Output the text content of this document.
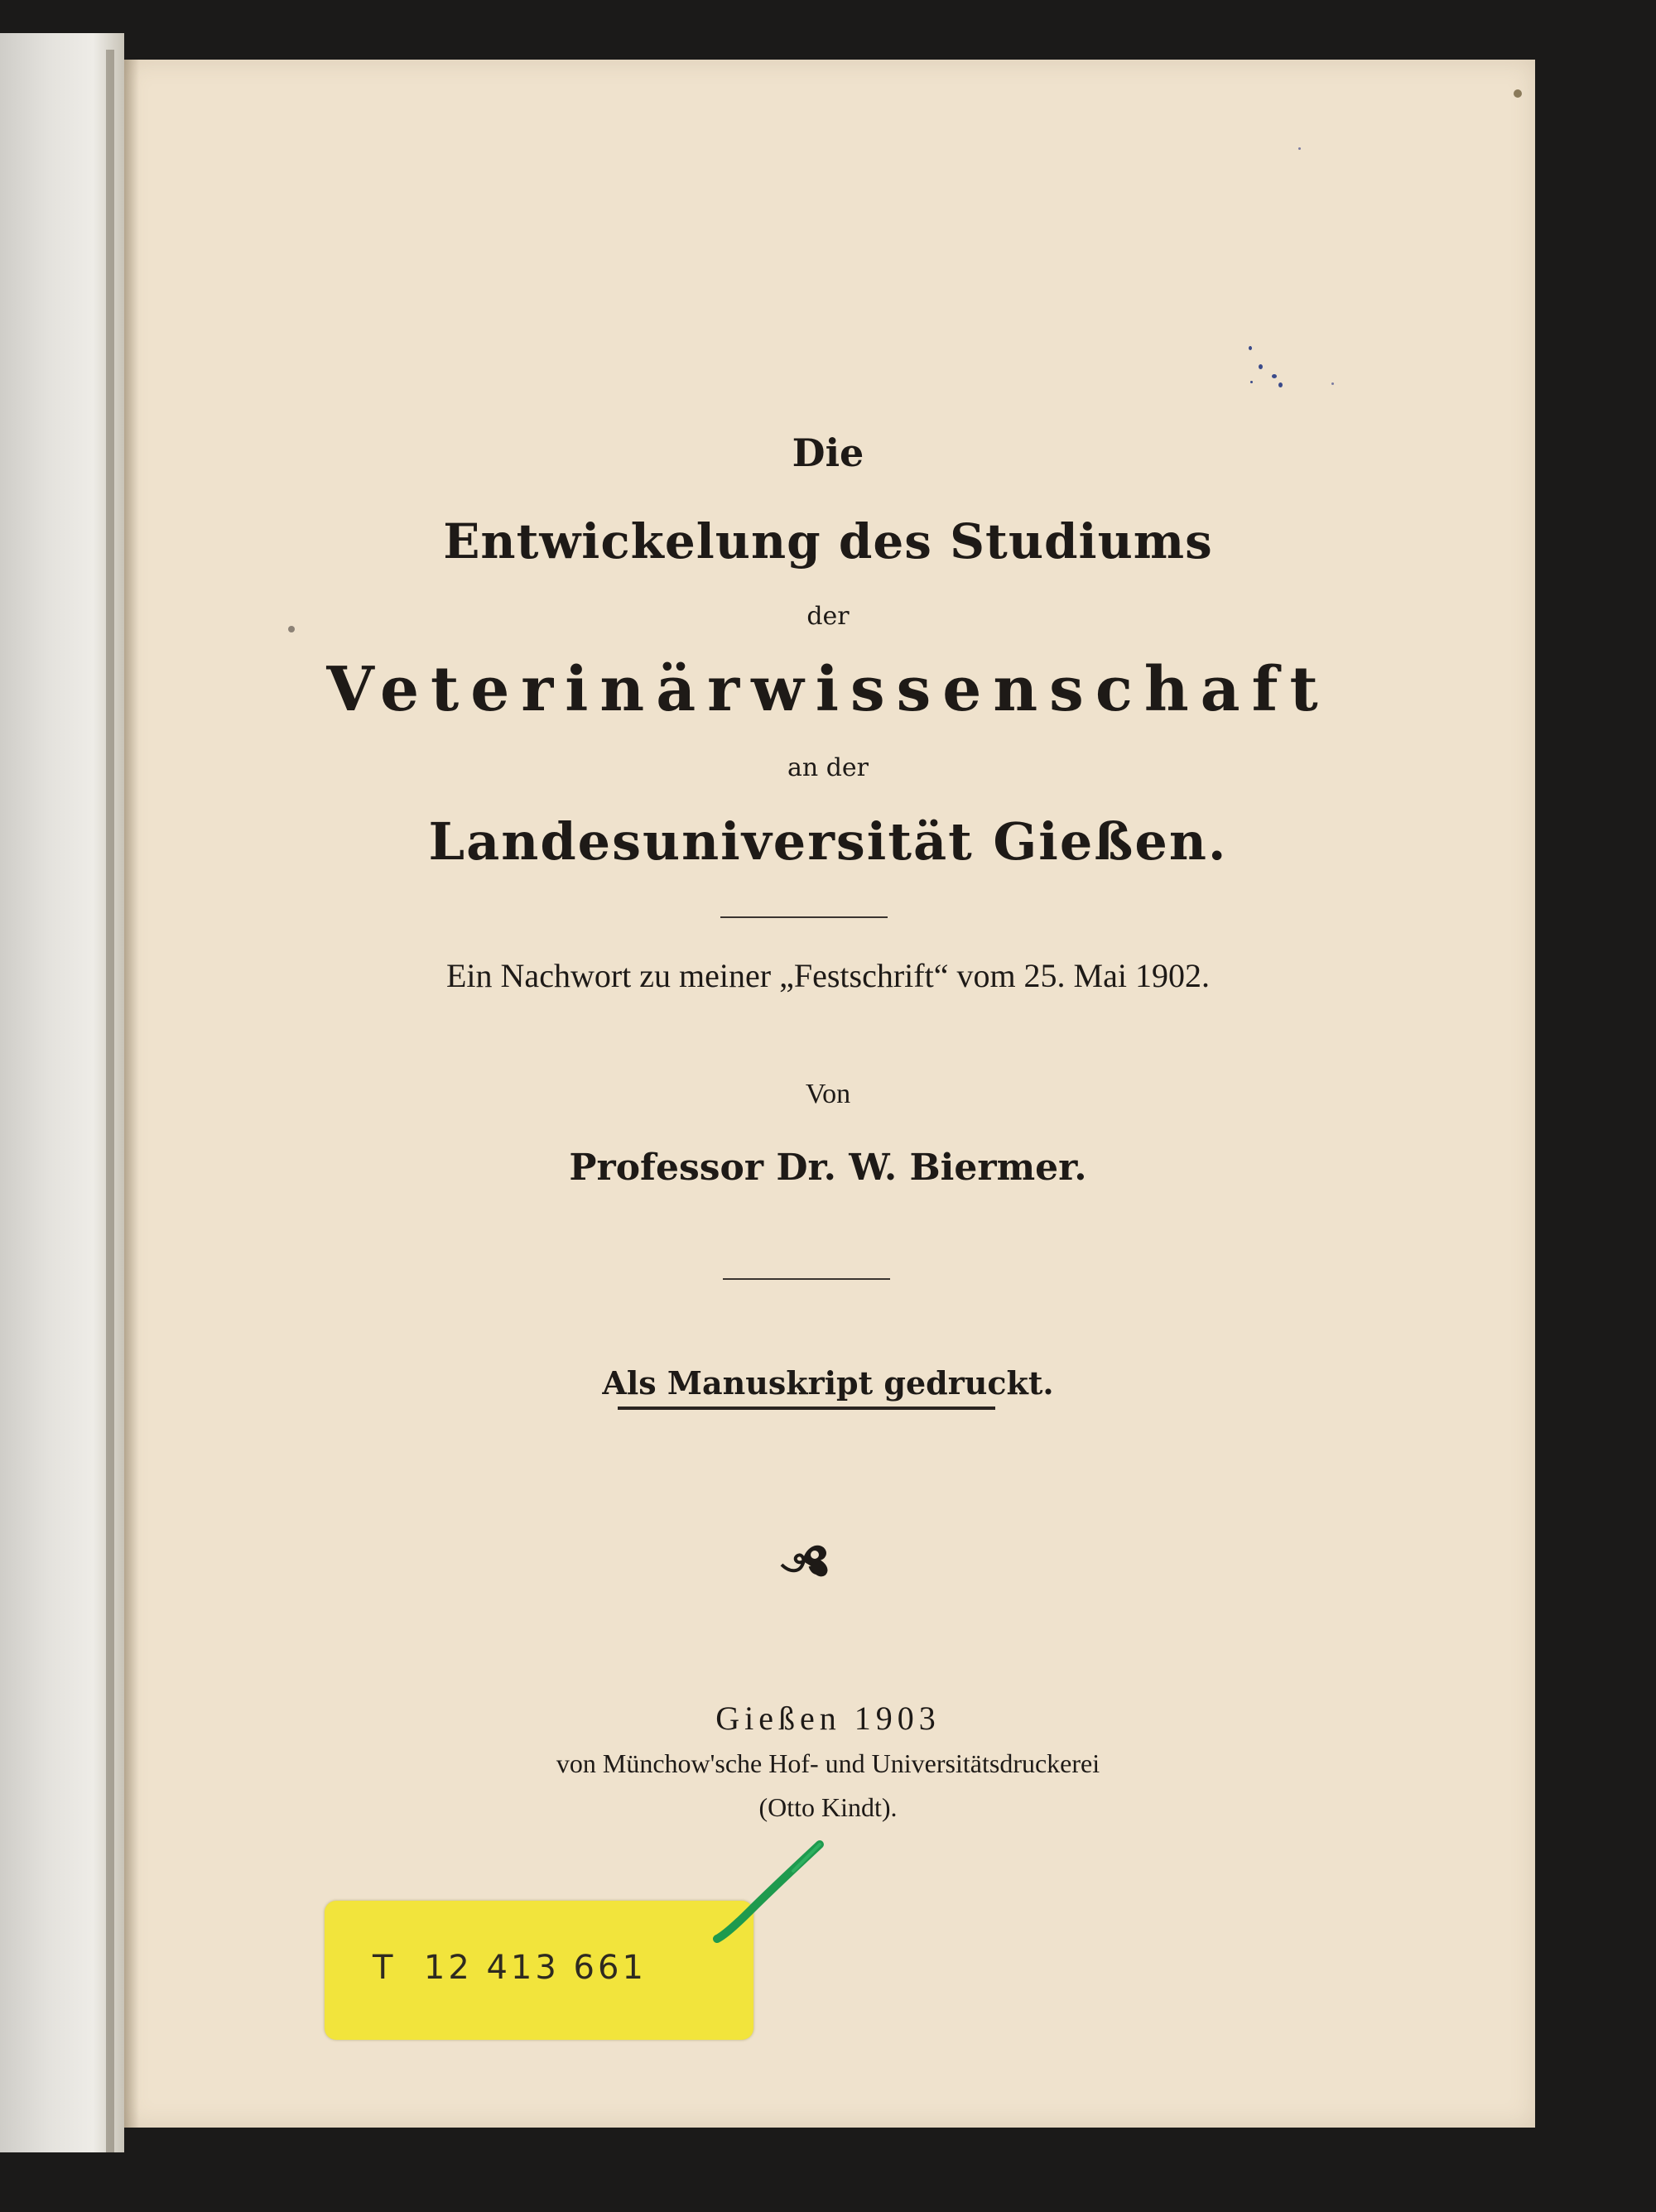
Die
Entwickelung des Studiums
der
Veterinärwissenschaft
an der
Landesuniversität Gießen.
Ein Nachwort zu meiner „Festschrift“ vom 25. Mai 1902.
Von
Professor Dr. W. Biermer.
Als Manuskript gedruckt.
Gießen 1903
von Münchow'sche Hof- und Universitätsdruckerei
(Otto Kindt).
T  12 413 661
